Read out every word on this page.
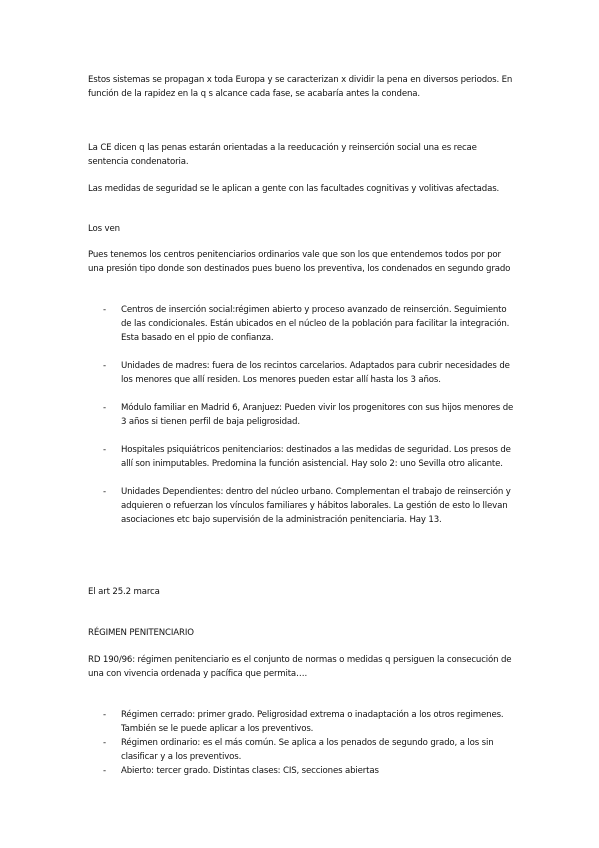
Estos sistemas se propagan x toda Europa y se caracterizan x dividir la pena en diversos periodos. En función de la rapidez en la q s alcance cada fase, se acabaría antes la condena.

La CE dicen q las penas estarán orientadas a la reeducación y reinserción social una es recae sentencia condenatoria.

Las medidas de seguridad se le aplican a gente con las facultades cognitivas y volitivas afectadas.

Los ven

Pues tenemos los centros penitenciarios ordinarios vale que son los que entendemos todos por por una presión tipo donde son destinados pues bueno los preventiva, los condenados en segundo grado

- Centros de inserción social:régimen abierto y proceso avanzado de reinserción. Seguimiento de las condicionales. Están ubicados en el núcleo de la población para facilitar la integración. Esta basado en el ppio de confianza.
- Unidades de madres: fuera de los recintos carcelarios. Adaptados para cubrir necesidades de los menores que allí residen. Los menores pueden estar allí hasta los 3 años.
- Módulo familiar en Madrid 6, Aranjuez: Pueden vivir los progenitores con sus hijos menores de 3 años si tienen perfil de baja peligrosidad.
- Hospitales psiquiátricos penitenciarios: destinados a las medidas de seguridad. Los presos de allí son inimputables. Predomina la función asistencial. Hay solo 2: uno Sevilla otro alicante.
- Unidades Dependientes: dentro del núcleo urbano. Complementan el trabajo de reinserción y adquieren o refuerzan los vínculos familiares y hábitos laborales. La gestión de esto lo llevan asociaciones etc bajo supervisión de la administración penitenciaria. Hay 13.

El art 25.2 marca

RÉGIMEN PENITENCIARIO

RD 190/96: régimen penitenciario es el conjunto de normas o medidas q persiguen la consecución de una con vivencia ordenada y pacífica que permita….

- Régimen cerrado: primer grado. Peligrosidad extrema o inadaptación a los otros regimenes. También se le puede aplicar a los preventivos.
- Régimen ordinario: es el más común. Se aplica a los penados de segundo grado, a los sin clasificar y a los preventivos.
- Abierto: tercer grado. Distintas clases: CIS, secciones abiertas
